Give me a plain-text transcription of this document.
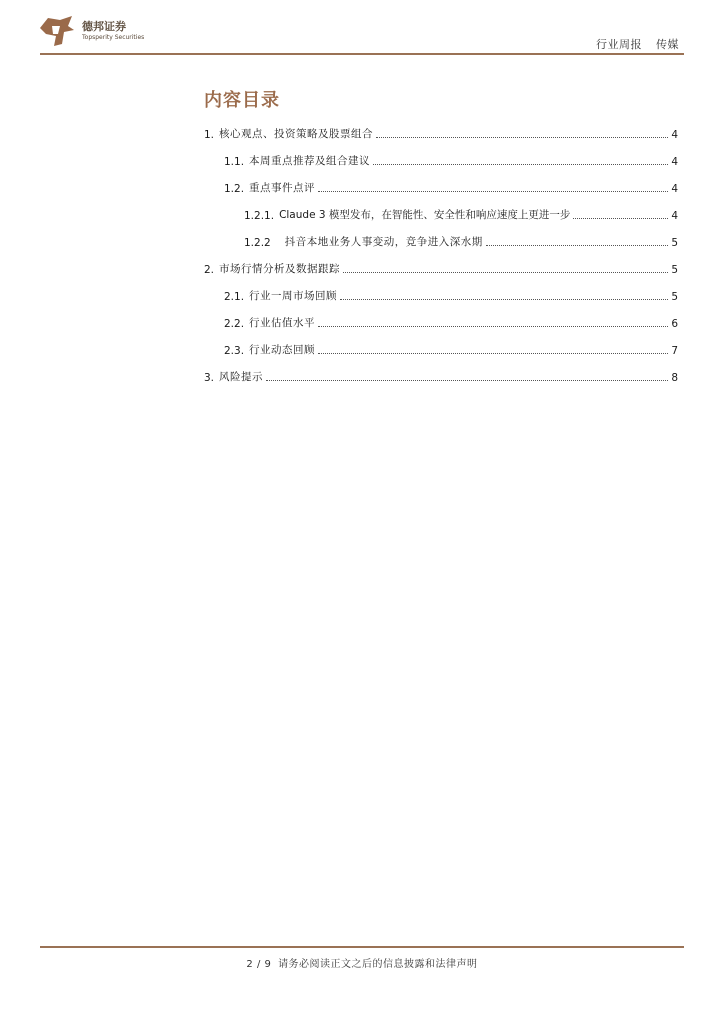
德邦证券
Topsperity Securities
行业周报 传媒
内容目录
1. 核心观点、投资策略及股票组合	4
1.1. 本周重点推荐及组合建议	4
1.2. 重点事件点评	4
1.2.1. Claude 3 模型发布，在智能性、安全性和响应速度上更进一步	4
1.2.2 抖音本地业务人事变动，竞争进入深水期	5
2. 市场行情分析及数据跟踪	5
2.1. 行业一周市场回顾	5
2.2. 行业估值水平	6
2.3. 行业动态回顾	7
3. 风险提示	8
2 / 9 请务必阅读正文之后的信息披露和法律声明
